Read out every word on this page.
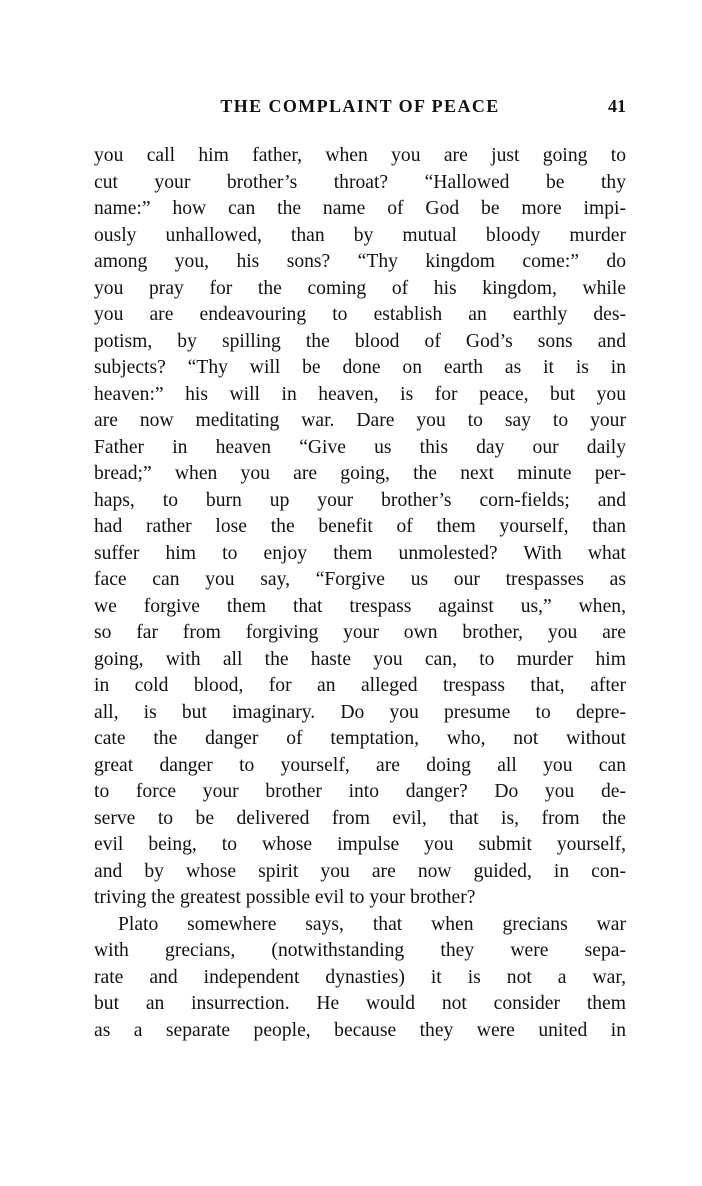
THE COMPLAINT OF PEACE	41
you call him father, when you are just going to
cut your brother’s throat? “Hallowed be thy
name:” how can the name of God be more impi-
ously unhallowed, than by mutual bloody murder
among you, his sons? “Thy kingdom come:” do
you pray for the coming of his kingdom, while
you are endeavouring to establish an earthly des-
potism, by spilling the blood of God’s sons and
subjects? “Thy will be done on earth as it is in
heaven:” his will in heaven, is for peace, but you
are now meditating war. Dare you to say to your
Father in heaven “Give us this day our daily
bread;” when you are going, the next minute per-
haps, to burn up your brother’s corn-fields; and
had rather lose the benefit of them yourself, than
suffer him to enjoy them unmolested? With what
face can you say, “Forgive us our trespasses as
we forgive them that trespass against us,” when,
so far from forgiving your own brother, you are
going, with all the haste you can, to murder him
in cold blood, for an alleged trespass that, after
all, is but imaginary. Do you presume to depre-
cate the danger of temptation, who, not without
great danger to yourself, are doing all you can
to force your brother into danger? Do you de-
serve to be delivered from evil, that is, from the
evil being, to whose impulse you submit yourself,
and by whose spirit you are now guided, in con-
triving the greatest possible evil to your brother?
Plato somewhere says, that when grecians war
with grecians, (notwithstanding they were sepa-
rate and independent dynasties) it is not a war,
but an insurrection. He would not consider them
as a separate people, because they were united in
